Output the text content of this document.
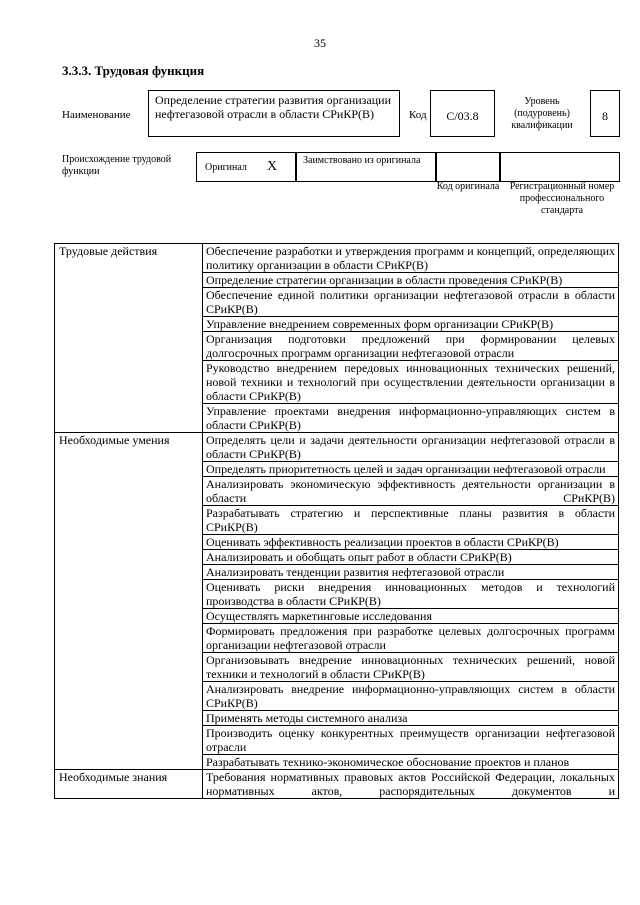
35
3.3.3. Трудовая функция
Наименование
Определение стратегии развития организации нефтегазовой отрасли в области СРиКР(В)	Код	C/03.8
Уровень (подуровень) квалификации
8
Происхождение трудовой функции	Оригинал X	Заимствовано из оригинала
Код оригинала	Регистрационный номер профессионального стандарта
Трудовые действия	Обеспечение разработки и утверждения программ и концепций, определяющих политику организации в области СРиКР(В)
	Определение стратегии организации в области проведения СРиКР(В)
	Обеспечение единой политики организации нефтегазовой отрасли в области СРиКР(В)
	Управление внедрением современных форм организации СРиКР(В)
	Организация подготовки предложений при формировании целевых долгосрочных программ организации нефтегазовой отрасли
	Руководство внедрением передовых инновационных технических решений, новой техники и технологий при осуществлении деятельности организации в области СРиКР(В)
	Управление проектами внедрения информационно-управляющих систем в области СРиКР(В)
Необходимые умения	Определять цели и задачи деятельности организации нефтегазовой отрасли в области СРиКР(В)
	Определять приоритетность целей и задач организации нефтегазовой отрасли
	Анализировать экономическую эффективность деятельности организации в области СРиКР(В)
	Разрабатывать стратегию и перспективные планы развития в области СРиКР(В)
	Оценивать эффективность реализации проектов в области СРиКР(В)
	Анализировать и обобщать опыт работ в области СРиКР(В)
	Анализировать тенденции развития нефтегазовой отрасли
	Оценивать риски внедрения инновационных методов и технологий производства в области СРиКР(В)
	Осуществлять маркетинговые исследования
	Формировать предложения при разработке целевых долгосрочных программ организации нефтегазовой отрасли
	Организовывать внедрение инновационных технических решений, новой техники и технологий в области СРиКР(В)
	Анализировать внедрение информационно-управляющих систем в области СРиКР(В)
	Применять методы системного анализа
	Производить оценку конкурентных преимуществ организации нефтегазовой отрасли
	Разрабатывать технико-экономическое обоснование проектов и планов
Необходимые знания	Требования нормативных правовых актов Российской Федерации, локальных нормативных актов, распорядительных документов и
